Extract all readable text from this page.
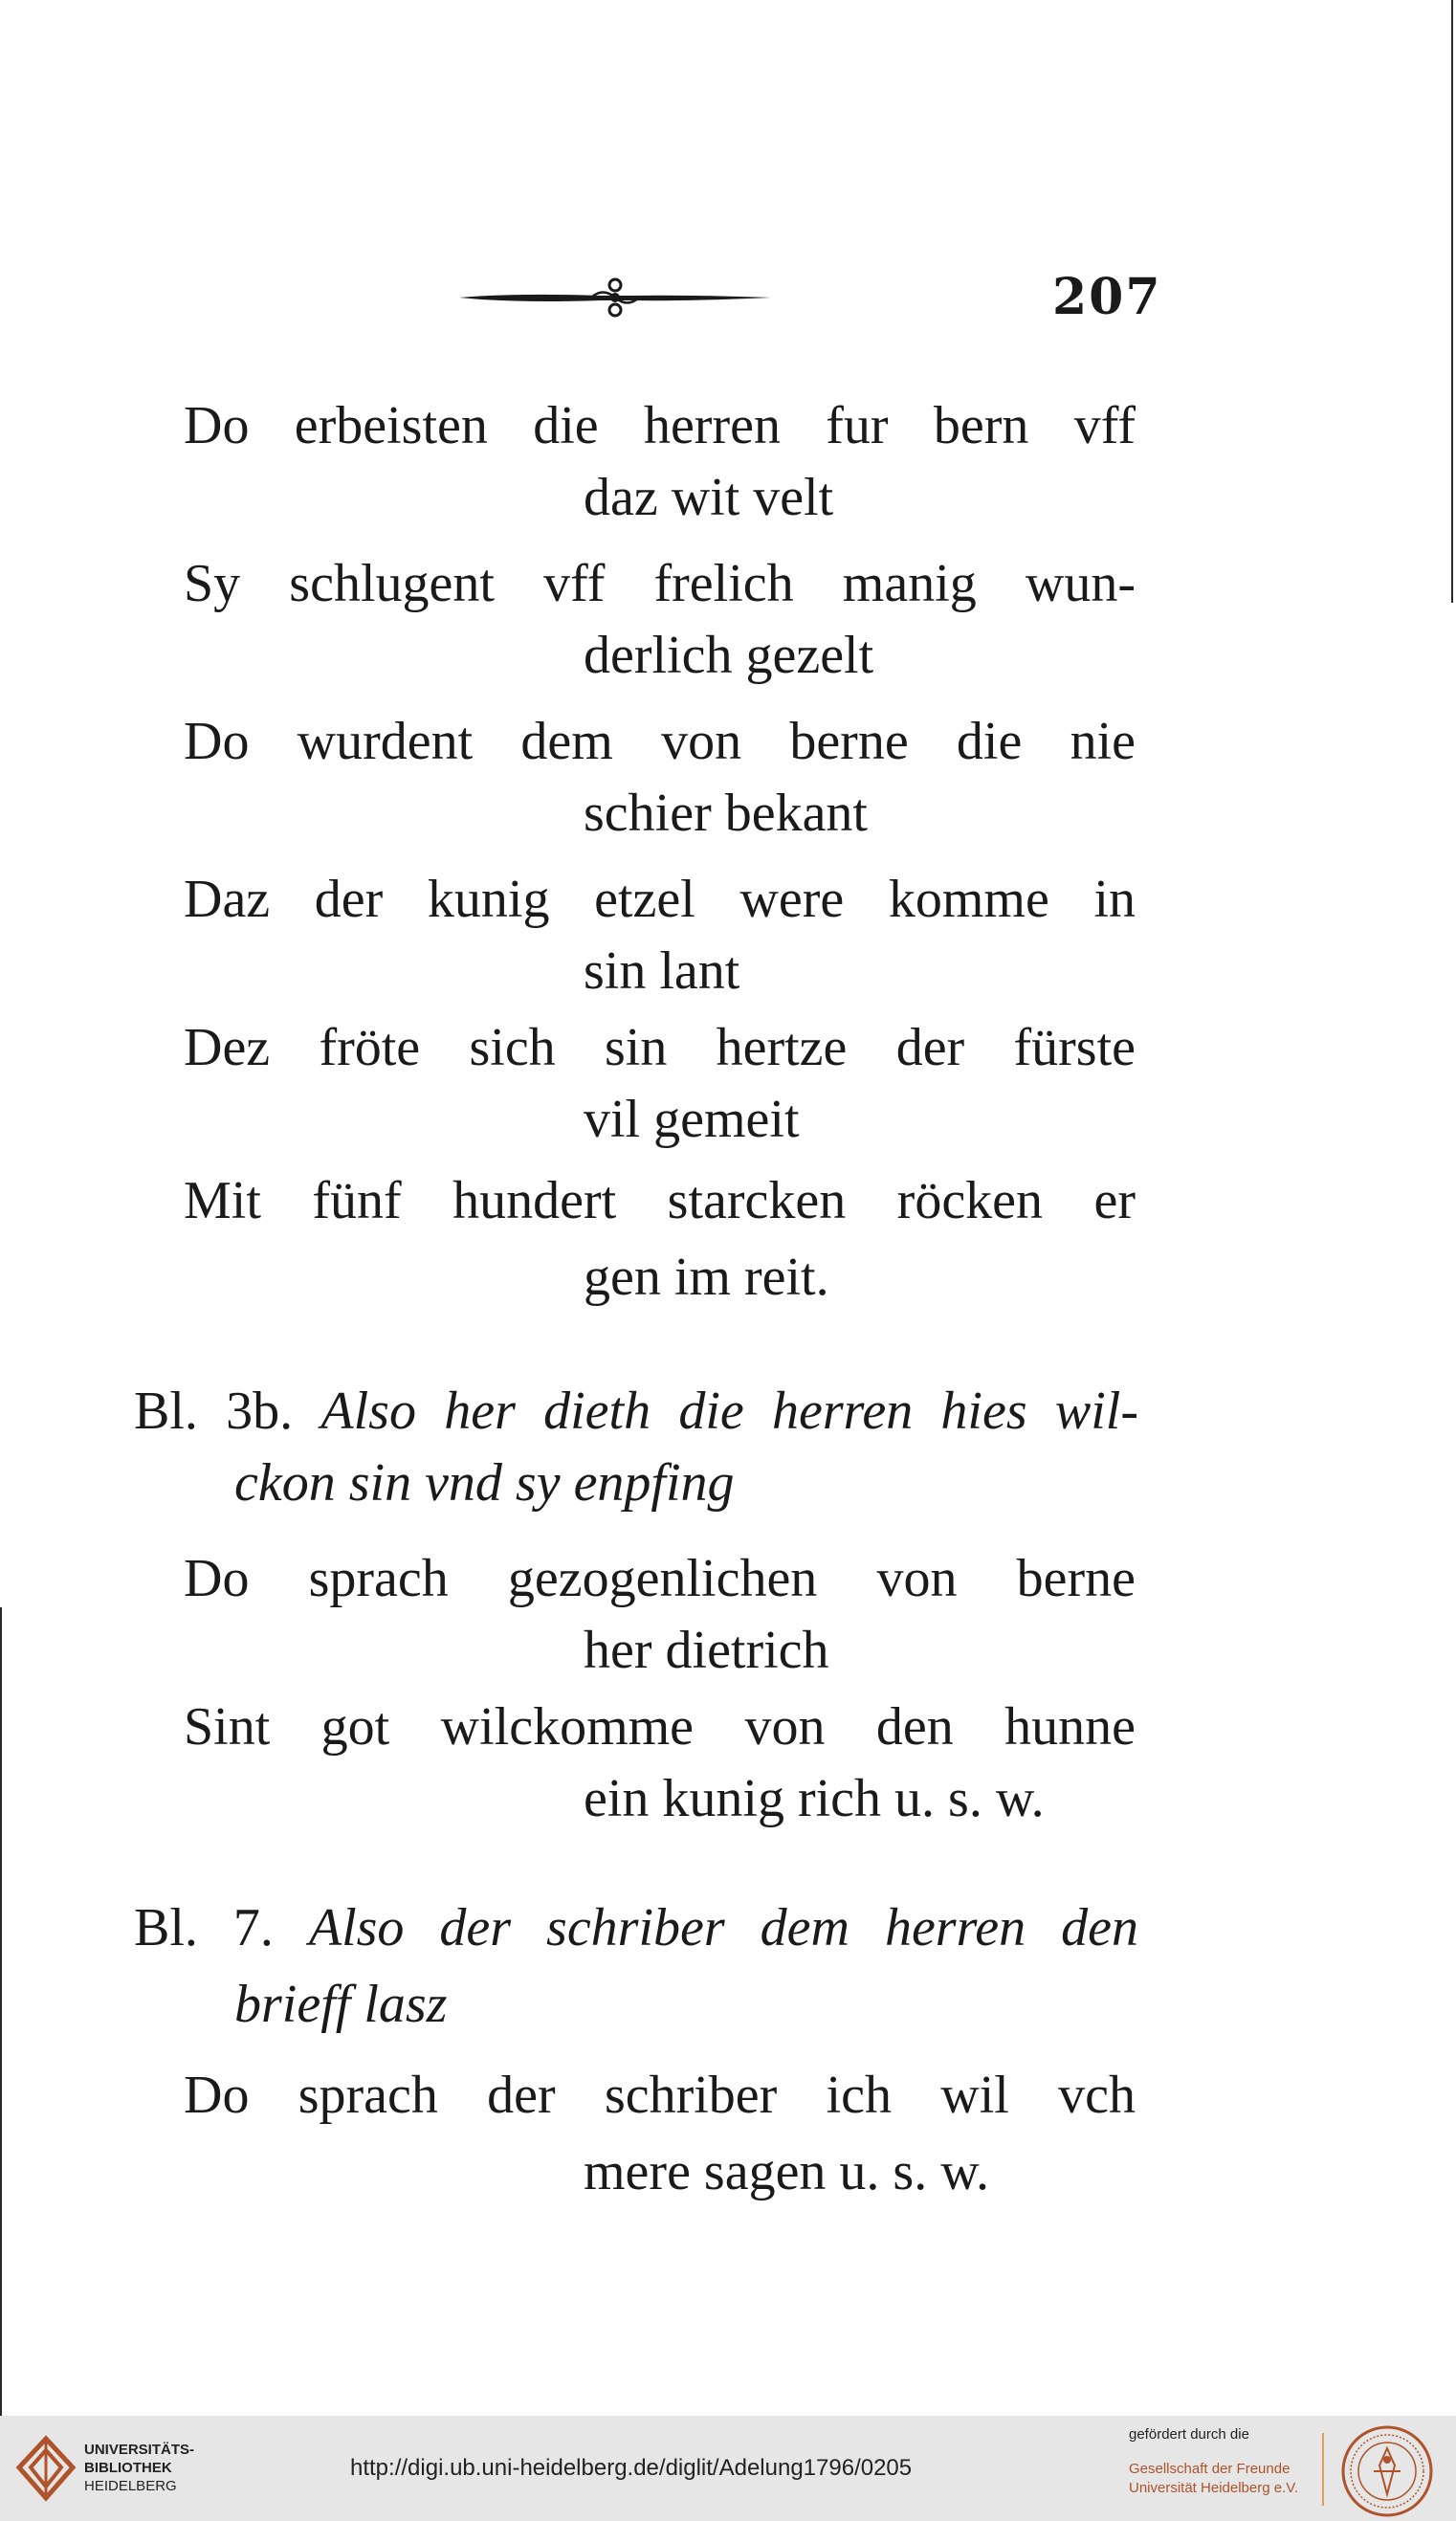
207
Do erbeisten die herren fur bern vff
daz wit velt
Sy schlugent vff frelich manig wun-
derlich gezelt
Do wurdent dem von berne die nie
schier bekant
Daz der kunig etzel were komme in
sin lant
Dez fröte sich sin hertze der fürste
vil gemeit
Mit fünf hundert starcken röcken er
gen im reit.
Bl. 3b. Also her dieth die herren hies wil-
ckon sin vnd sy enpfing
Do sprach gezogenlichen von berne
her dietrich
Sint got wilckomme von den hunne
ein kunig rich u. s. w.
Bl. 7. Also der schriber dem herren den
brieff lasz
Do sprach der schriber ich wil vch
mere sagen u. s. w.
UNIVERSITÄTS-
BIBLIOTHEK
HEIDELBERG
http://digi.ub.uni-heidelberg.de/diglit/Adelung1796/0205
gefördert durch die
Gesellschaft der Freunde
Universität Heidelberg e.V.
